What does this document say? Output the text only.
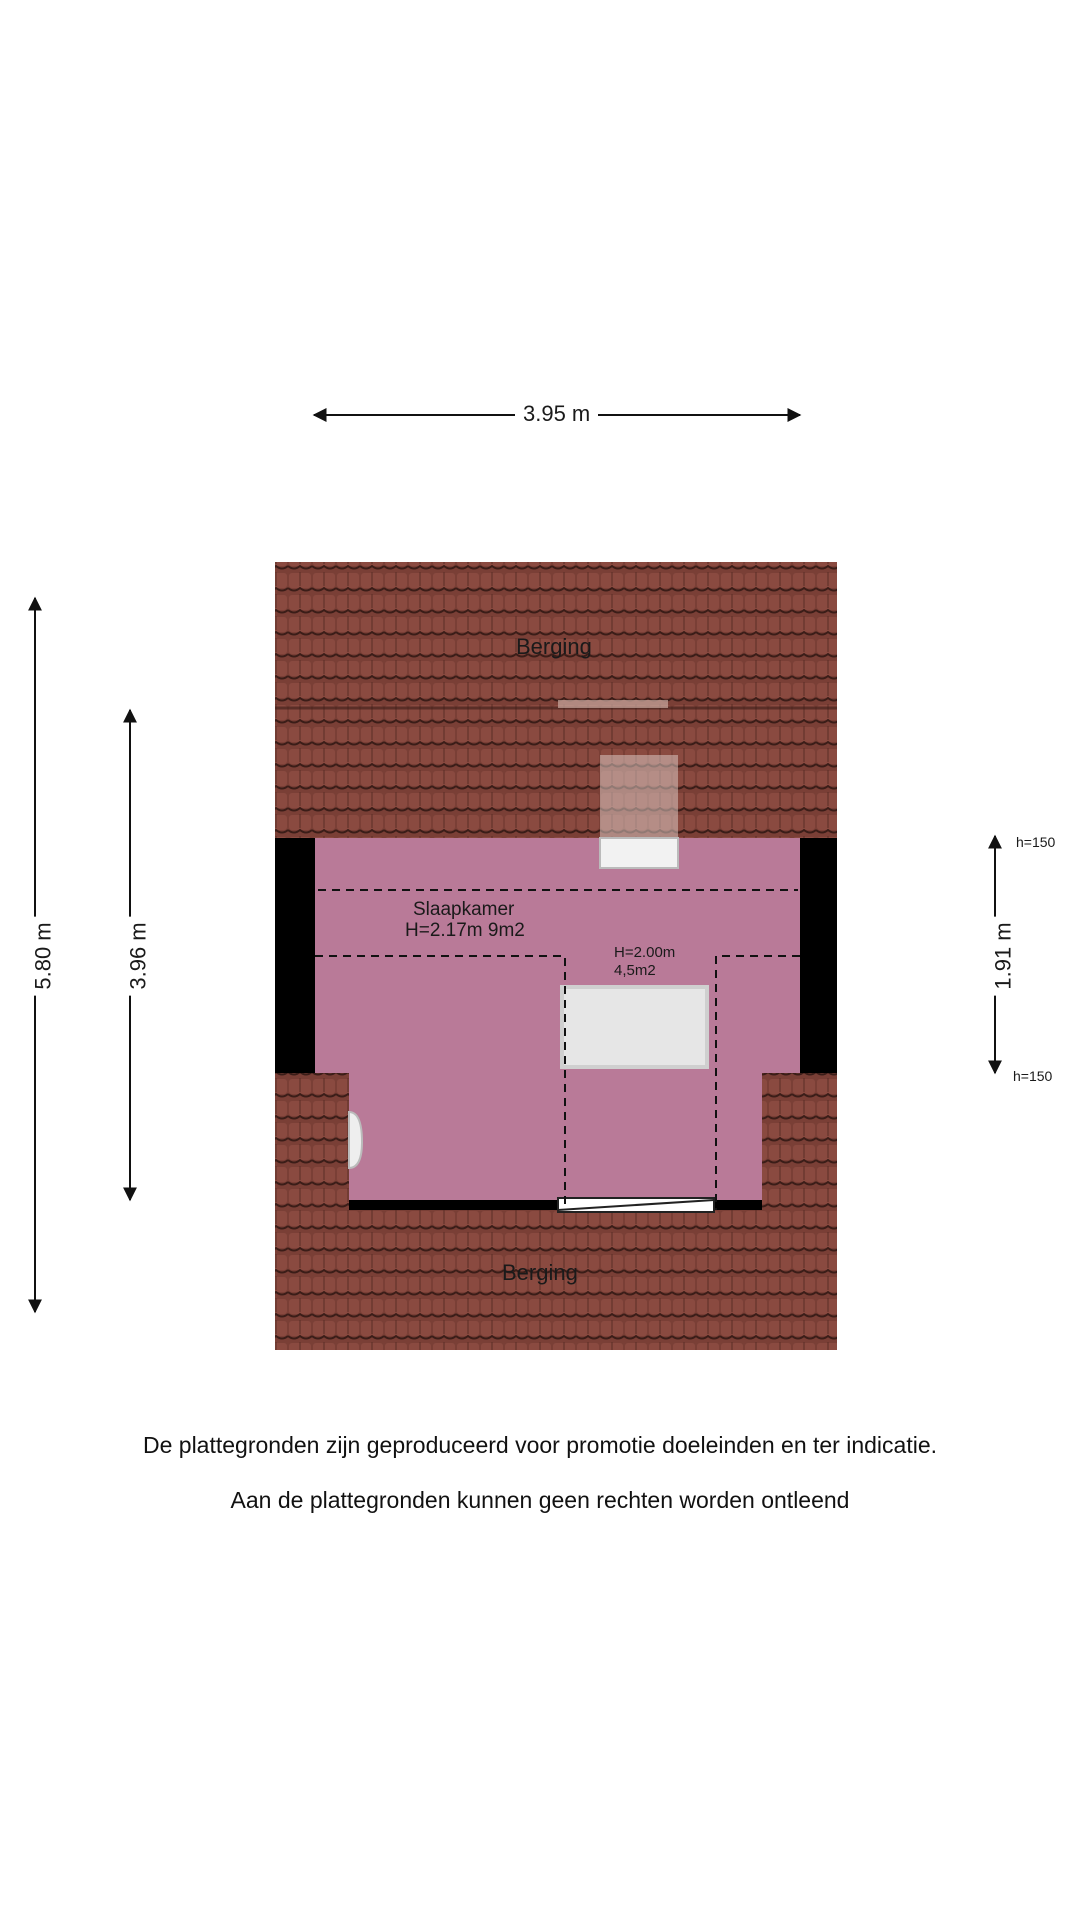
3.95 m
5.80 m	3.96 m	1.91 m
h=150
h=150
Berging
Slaapkamer
H=2.17m 9m2
H=2.00m
4,5m2
Berging
De plattegronden zijn geproduceerd voor promotie doeleinden en ter indicatie.
Aan de plattegronden kunnen geen rechten worden ontleend
